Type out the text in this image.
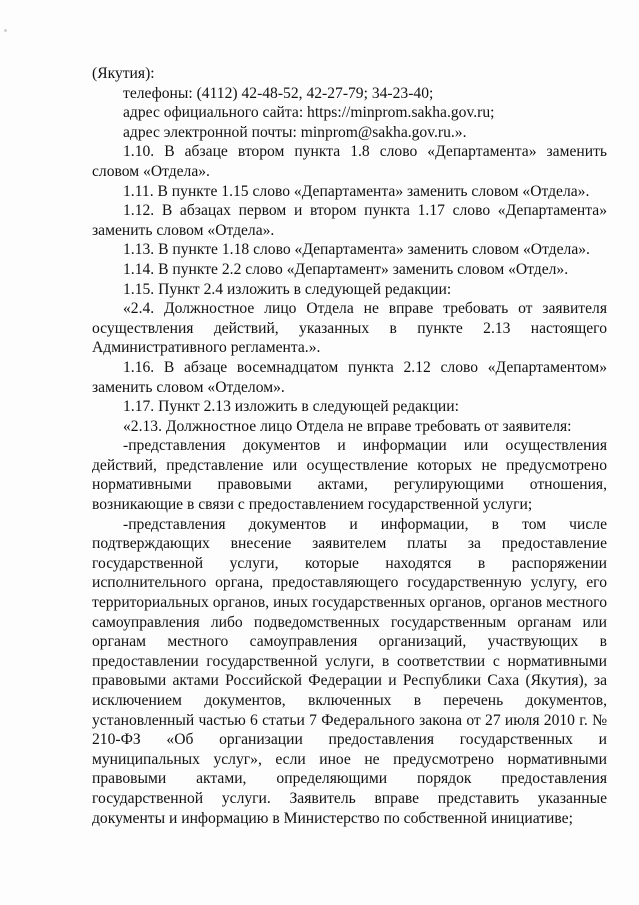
(Якутия):

телефоны: (4112) 42-48-52, 42-27-79; 34-23-40;

адрес официального сайта: https://minprom.sakha.gov.ru;

адрес электронной почты: minprom@sakha.gov.ru.».

1.10. В абзаце втором пункта 1.8 слово «Департамента» заменить словом «Отдела».

1.11. В пункте 1.15 слово «Департамента» заменить словом «Отдела».

1.12. В абзацах первом и втором пункта 1.17 слово «Департамента» заменить словом «Отдела».

1.13. В пункте 1.18 слово «Департамента» заменить словом «Отдела».

1.14. В пункте 2.2 слово «Департамент» заменить словом «Отдел».

1.15. Пункт 2.4 изложить в следующей редакции:

«2.4. Должностное лицо Отдела не вправе требовать от заявителя осуществления действий, указанных в пункте 2.13 настоящего Административного регламента.».

1.16. В абзаце восемнадцатом пункта 2.12 слово «Департаментом» заменить словом «Отделом».

1.17. Пункт 2.13 изложить в следующей редакции:

«2.13. Должностное лицо Отдела не вправе требовать от заявителя:

-представления документов и информации или осуществления действий, представление или осуществление которых не предусмотрено нормативными правовыми актами, регулирующими отношения, возникающие в связи с предоставлением государственной услуги;

-представления документов и информации, в том числе подтверждающих внесение заявителем платы за предоставление государственной услуги, которые находятся в распоряжении исполнительного органа, предоставляющего государственную услугу, его территориальных органов, иных государственных органов, органов местного самоуправления либо подведомственных государственным органам или органам местного самоуправления организаций, участвующих в предоставлении государственной услуги, в соответствии с нормативными правовыми актами Российской Федерации и Республики Саха (Якутия), за исключением документов, включенных в перечень документов, установленный частью 6 статьи 7 Федерального закона от 27 июля 2010 г. № 210-ФЗ «Об организации предоставления государственных и муниципальных услуг», если иное не предусмотрено нормативными правовыми актами, определяющими порядок предоставления государственной услуги. Заявитель вправе представить указанные документы и информацию в Министерство по собственной инициативе;
